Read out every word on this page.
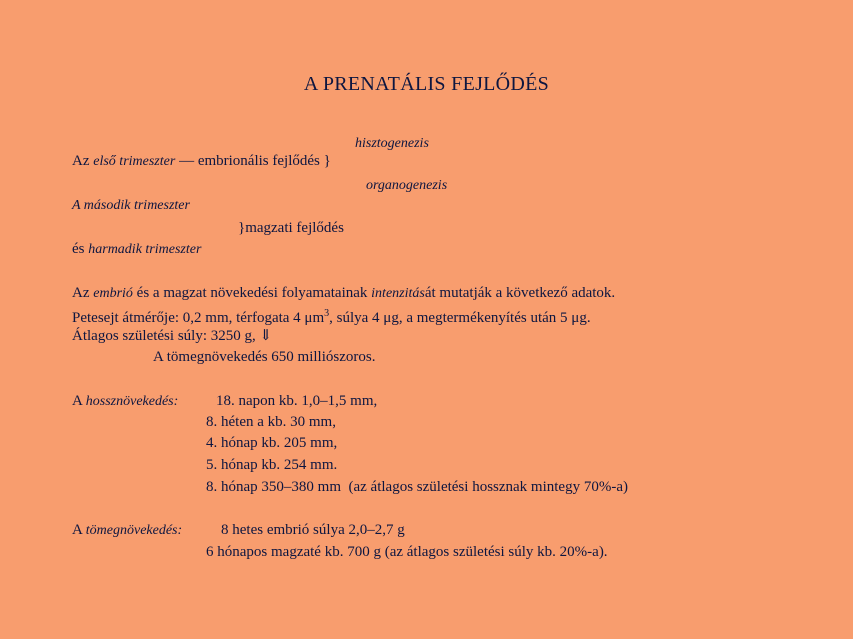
A PRENATÁLIS FEJLŐDÉS
hisztogenezis
Az első trimeszter — embrionális fejlődés }
organogenezis
A második trimeszter
}magzati fejlődés
és harmadik trimeszter
Az embrió és a magzat növekedési folyamatainak intenzitását mutatják a következő adatok.
Petesejt átmérője: 0,2 mm, térfogata 4 $\mu m^3$, súlya 4 μg, a megtermékenyítés után 5 μg.
Átlagos születési súly: 3250 g, ⇓
A tömegnövekedés 650 milliószoros.
A hossznövekedés:	18. napon kb. 1,0–1,5 mm,
8. héten a kb. 30 mm,
4. hónap kb. 205 mm,
5. hónap kb. 254 mm.
8. hónap 350–380 mm  (az átlagos születési hossznak mintegy 70%-a)
A tömegnövekedés:	8 hetes embrió súlya 2,0–2,7 g
6 hónapos magzaté kb. 700 g (az átlagos születési súly kb. 20%-a).
